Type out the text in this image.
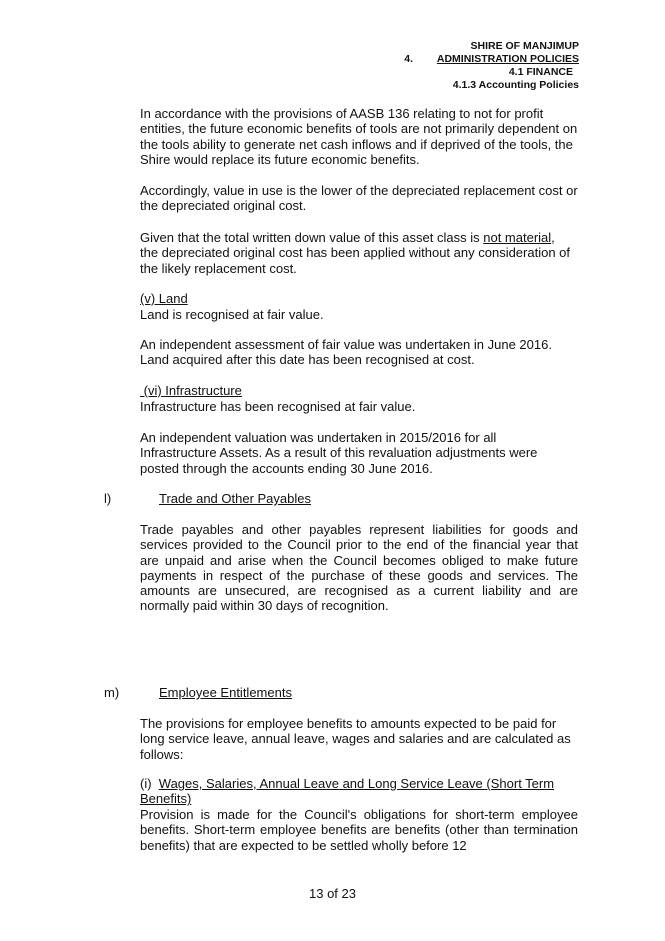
SHIRE OF MANJIMUP
4. ADMINISTRATION POLICIES
4.1 FINANCE
4.1.3 Accounting Policies

In accordance with the provisions of AASB 136 relating to not for profit entities, the future economic benefits of tools are not primarily dependent on the tools ability to generate net cash inflows and if deprived of the tools, the Shire would replace its future economic benefits.

Accordingly, value in use is the lower of the depreciated replacement cost or the depreciated original cost.

Given that the total written down value of this asset class is not material, the depreciated original cost has been applied without any consideration of the likely replacement cost.

(v) Land

Land is recognised at fair value.

An independent assessment of fair value was undertaken in June 2016. Land acquired after this date has been recognised at cost.

(vi) Infrastructure

Infrastructure has been recognised at fair value.

An independent valuation was undertaken in 2015/2016 for all Infrastructure Assets. As a result of this revaluation adjustments were posted through the accounts ending 30 June 2016.

l)	Trade and Other Payables

Trade payables and other payables represent liabilities for goods and services provided to the Council prior to the end of the financial year that are unpaid and arise when the Council becomes obliged to make future payments in respect of the purchase of these goods and services. The amounts are unsecured, are recognised as a current liability and are normally paid within 30 days of recognition.

m)	Employee Entitlements

The provisions for employee benefits to amounts expected to be paid for long service leave, annual leave, wages and salaries and are calculated as follows:

(i)  Wages, Salaries, Annual Leave and Long Service Leave (Short Term Benefits)

Provision is made for the Council's obligations for short-term employee benefits. Short-term employee benefits are benefits (other than termination benefits) that are expected to be settled wholly before 12

13 of 23
